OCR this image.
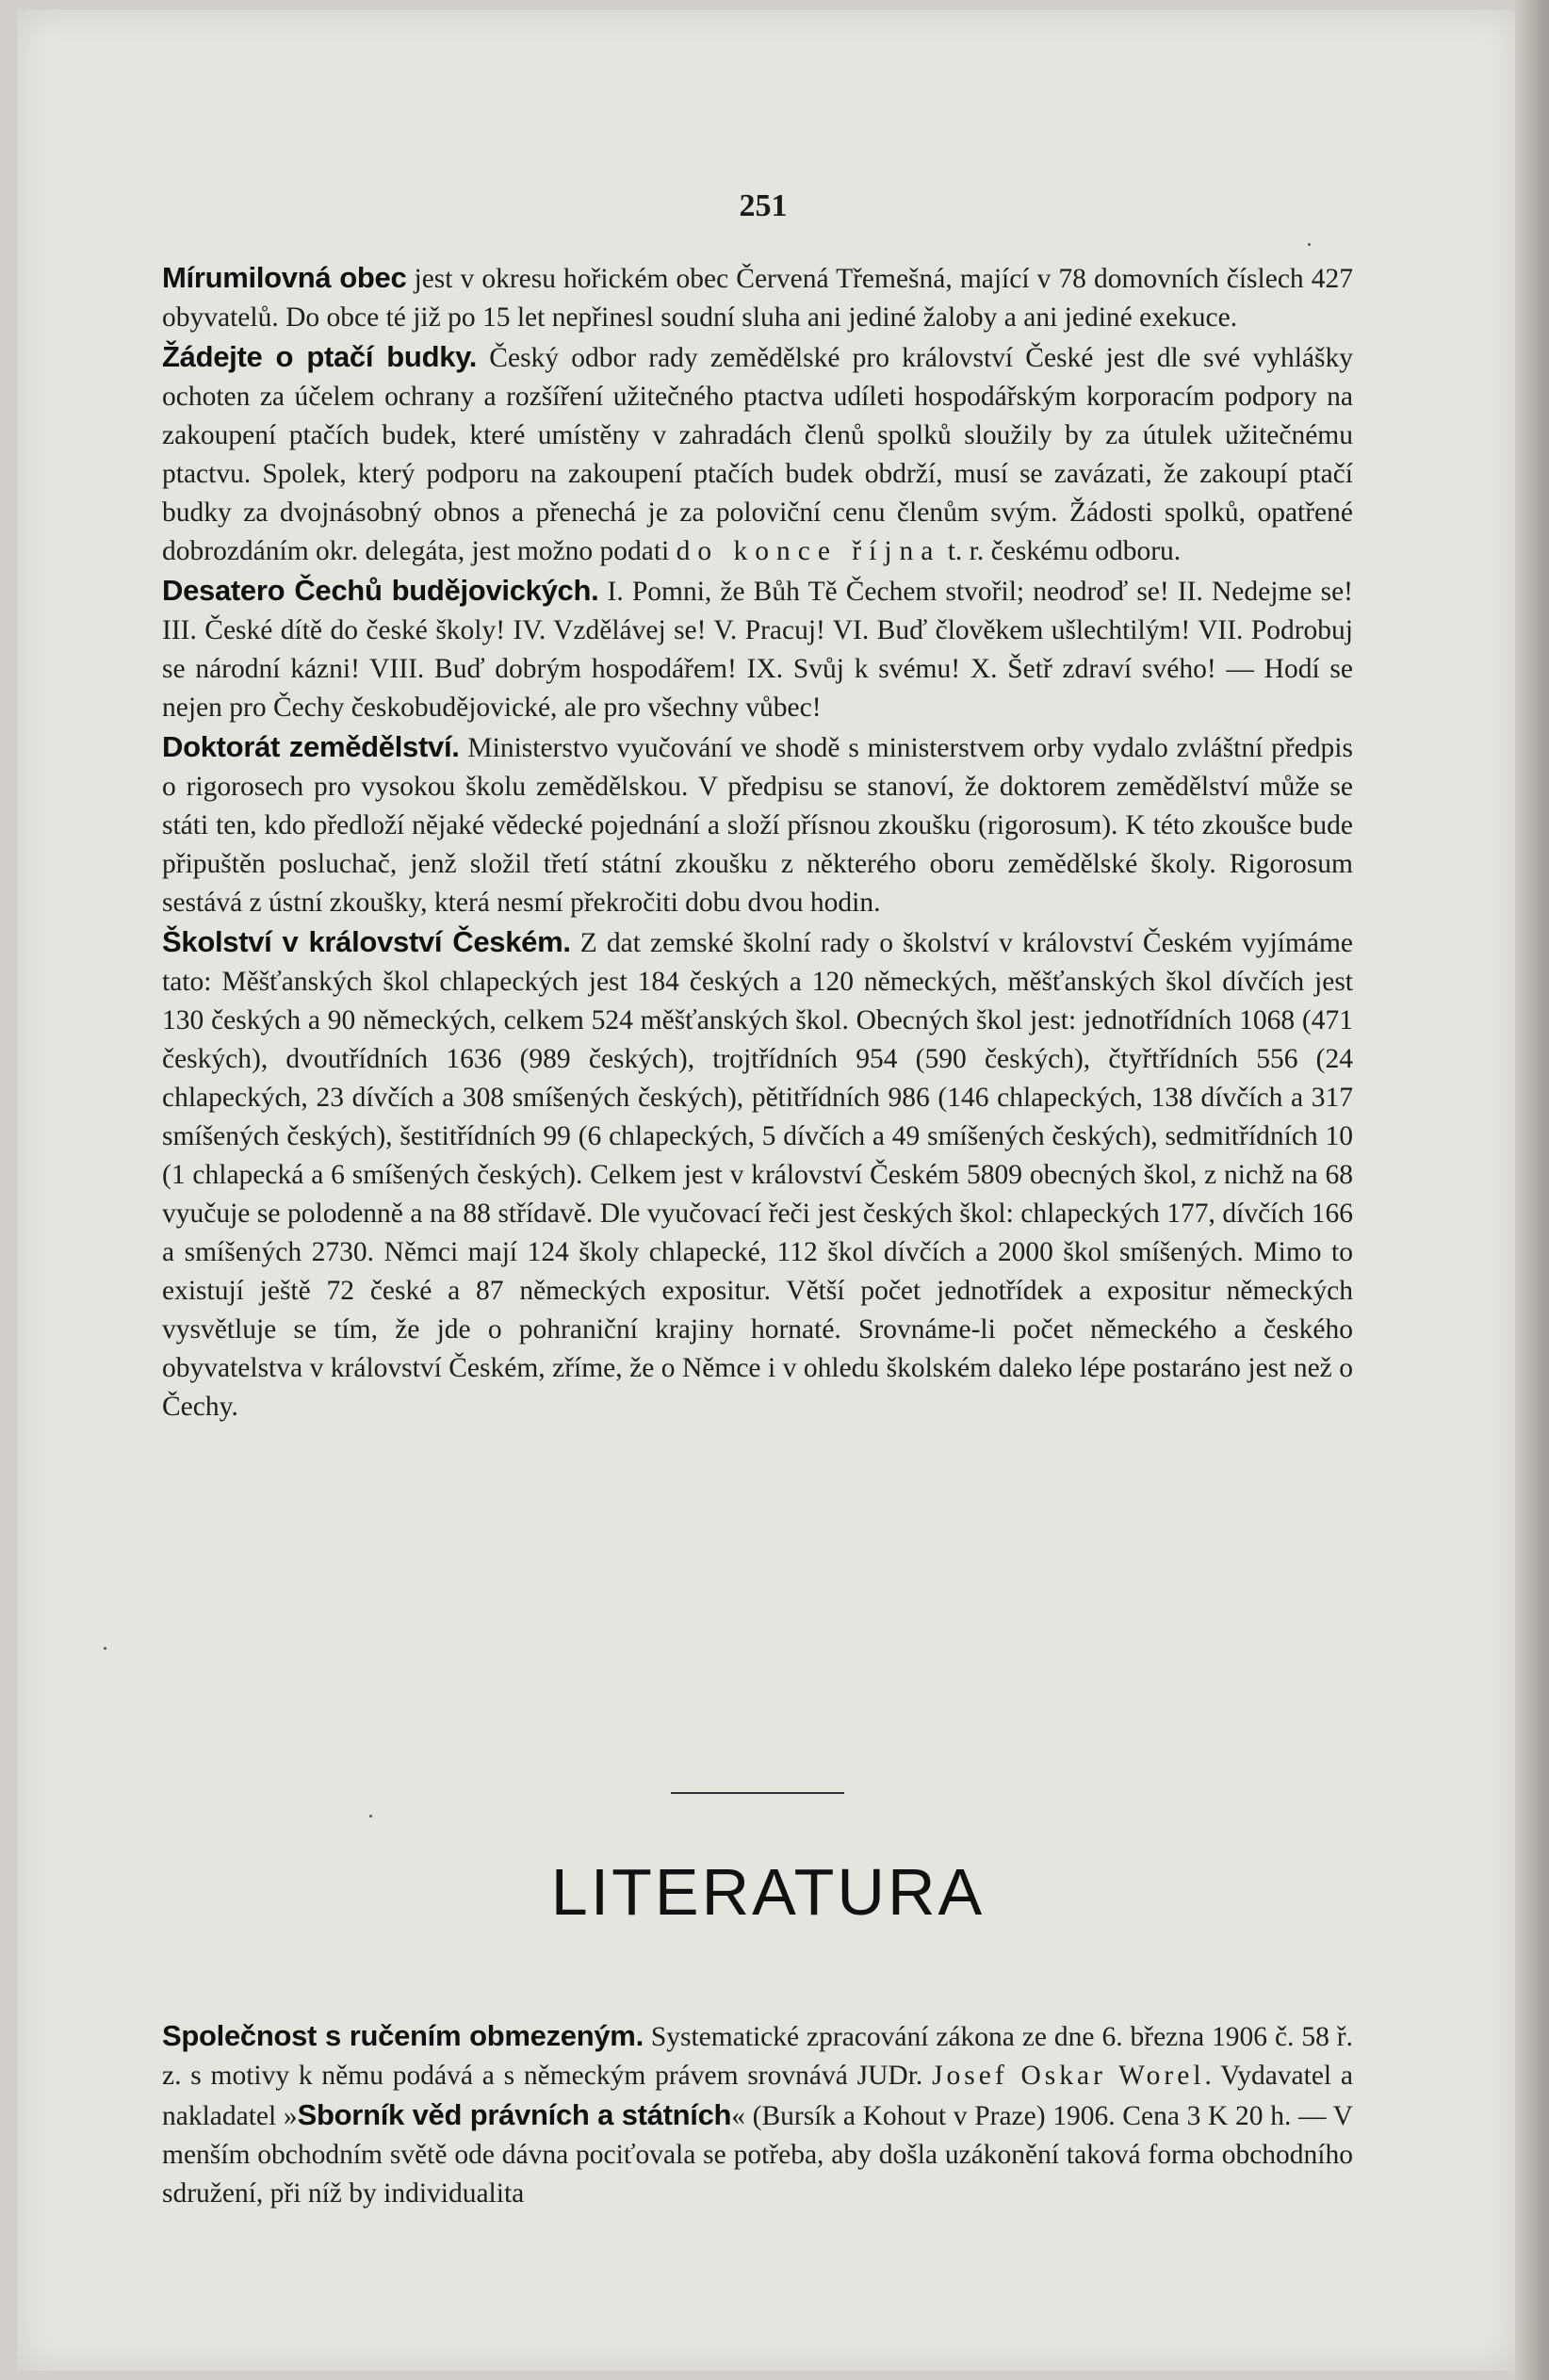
251

Mírumilovná obec jest v okresu hořickém obec Červená Třemešná, mající v 78 domovních číslech 427 obyvatelů. Do obce té již po 15 let nepřinesl soudní sluha ani jediné žaloby a ani jediné exekuce.

Žádejte o ptačí budky. Český odbor rady zemědělské pro království České jest dle své vyhlášky ochoten za účelem ochrany a rozšíření užitečného ptactva udíleti hospodářským korporacím podpory na zakoupení ptačích budek, které umístěny v zahradách členů spolků sloužily by za útulek užitečnému ptactvu. Spolek, který podporu na zakoupení ptačích budek obdrží, musí se zavázati, že zakoupí ptačí budky za dvojnásobný obnos a přenechá je za poloviční cenu členům svým. Žádosti spolků, opatřené dobrozdáním okr. delegáta, jest možno podati do konce října t. r. českému odboru.

Desatero Čechů budějovických. I. Pomni, že Bůh Tě Čechem stvořil; neodroď se! II. Nedejme se! III. České dítě do české školy! IV. Vzdělávej se! V. Pracuj! VI. Buď člověkem ušlechtilým! VII. Podrobuj se národní kázni! VIII. Buď dobrým hospodářem! IX. Svůj k svému! X. Šetř zdraví svého! — Hodí se nejen pro Čechy českobudějovické, ale pro všechny vůbec!

Doktorát zemědělství. Ministerstvo vyučování ve shodě s ministerstvem orby vydalo zvláštní předpis o rigorosech pro vysokou školu zemědělskou. V předpisu se stanoví, že doktorem zemědělství může se státi ten, kdo předloží nějaké vědecké pojednání a složí přísnou zkoušku (rigorosum). K této zkoušce bude připuštěn posluchač, jenž složil třetí státní zkoušku z některého oboru zemědělské školy. Rigorosum sestává z ústní zkoušky, která nesmí překročiti dobu dvou hodin.

Školství v království Českém. Z dat zemské školní rady o školství v království Českém vyjímáme tato: Měšťanských škol chlapeckých jest 184 českých a 120 německých, měšťanských škol dívčích jest 130 českých a 90 německých, celkem 524 měšťanských škol. Obecných škol jest: jednotřídních 1068 (471 českých), dvoutřídních 1636 (989 českých), trojtřídních 954 (590 českých), čtyřtřídních 556 (24 chlapeckých, 23 dívčích a 308 smíšených českých), pětitřídních 986 (146 chlapeckých, 138 dívčích a 317 smíšených českých), šestitřídních 99 (6 chlapeckých, 5 dívčích a 49 smíšených českých), sedmitřídních 10 (1 chlapecká a 6 smíšených českých). Celkem jest v království Českém 5809 obecných škol, z nichž na 68 vyučuje se polodenně a na 88 střídavě. Dle vyučovací řeči jest českých škol: chlapeckých 177, dívčích 166 a smíšených 2730. Němci mají 124 školy chlapecké, 112 škol dívčích a 2000 škol smíšených. Mimo to existují ještě 72 české a 87 německých expositur. Větší počet jednotřídek a expositur německých vysvětluje se tím, že jde o pohraniční krajiny hornaté. Srovnáme-li počet německého a českého obyvatelstva v království Českém, zříme, že o Němce i v ohledu školském daleko lépe postaráno jest než o Čechy.

LITERATURA

Společnost s ručením obmezeným. Systematické zpracování zákona ze dne 6. března 1906 č. 58 ř. z. s motivy k němu podává a s německým právem srovnává JUDr. Josef Oskar Worel. Vydavatel a nakladatel »Sborník věd právních a státních« (Bursík a Kohout v Praze) 1906. Cena 3 K 20 h. — V menším obchodním světě ode dávna pociťovala se potřeba, aby došla uzákonění taková forma obchodního sdružení, při níž by individualita
